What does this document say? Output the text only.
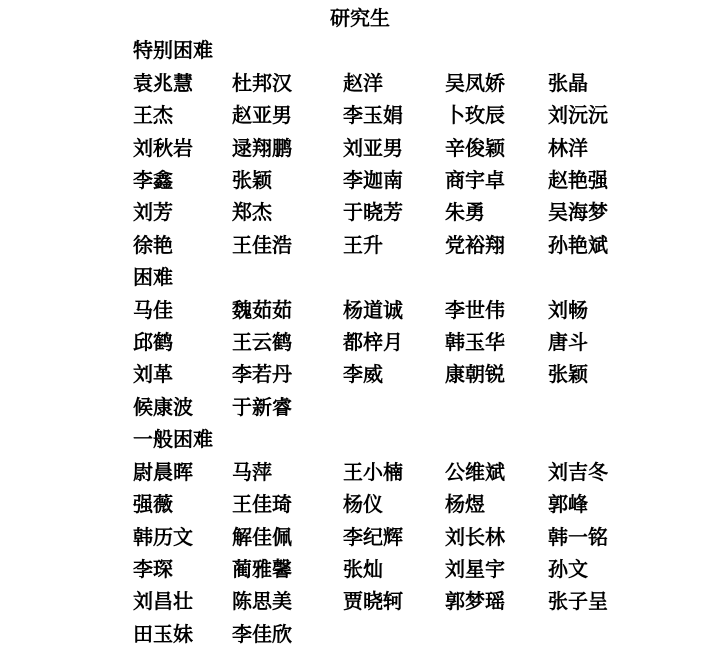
研究生
特别困难
袁兆慧	杜邦汉	赵洋	吴凤娇	张晶
王杰	赵亚男	李玉娟	卜玫辰	刘沅沅
刘秋岩	逯翔鹏	刘亚男	辛俊颖	林洋
李鑫	张颖	李迦南	商宇卓	赵艳强
刘芳	郑杰	于晓芳	朱勇	吴海梦
徐艳	王佳浩	王升	党裕翔	孙艳斌
困难
马佳	魏茹茹	杨道诚	李世伟	刘畅
邱鹤	王云鹤	都梓月	韩玉华	唐斗
刘革	李若丹	李威	康朝锐	张颖
候康波	于新睿
一般困难
尉晨晖	马萍	王小楠	公维斌	刘吉冬
强薇	王佳琦	杨仪	杨煜	郭峰
韩历文	解佳佩	李纪辉	刘长林	韩一铭
李琛	蔺雅馨	张灿	刘星宇	孙文
刘昌壮	陈思美	贾晓轲	郭梦瑶	张子呈
田玉妹	李佳欣
